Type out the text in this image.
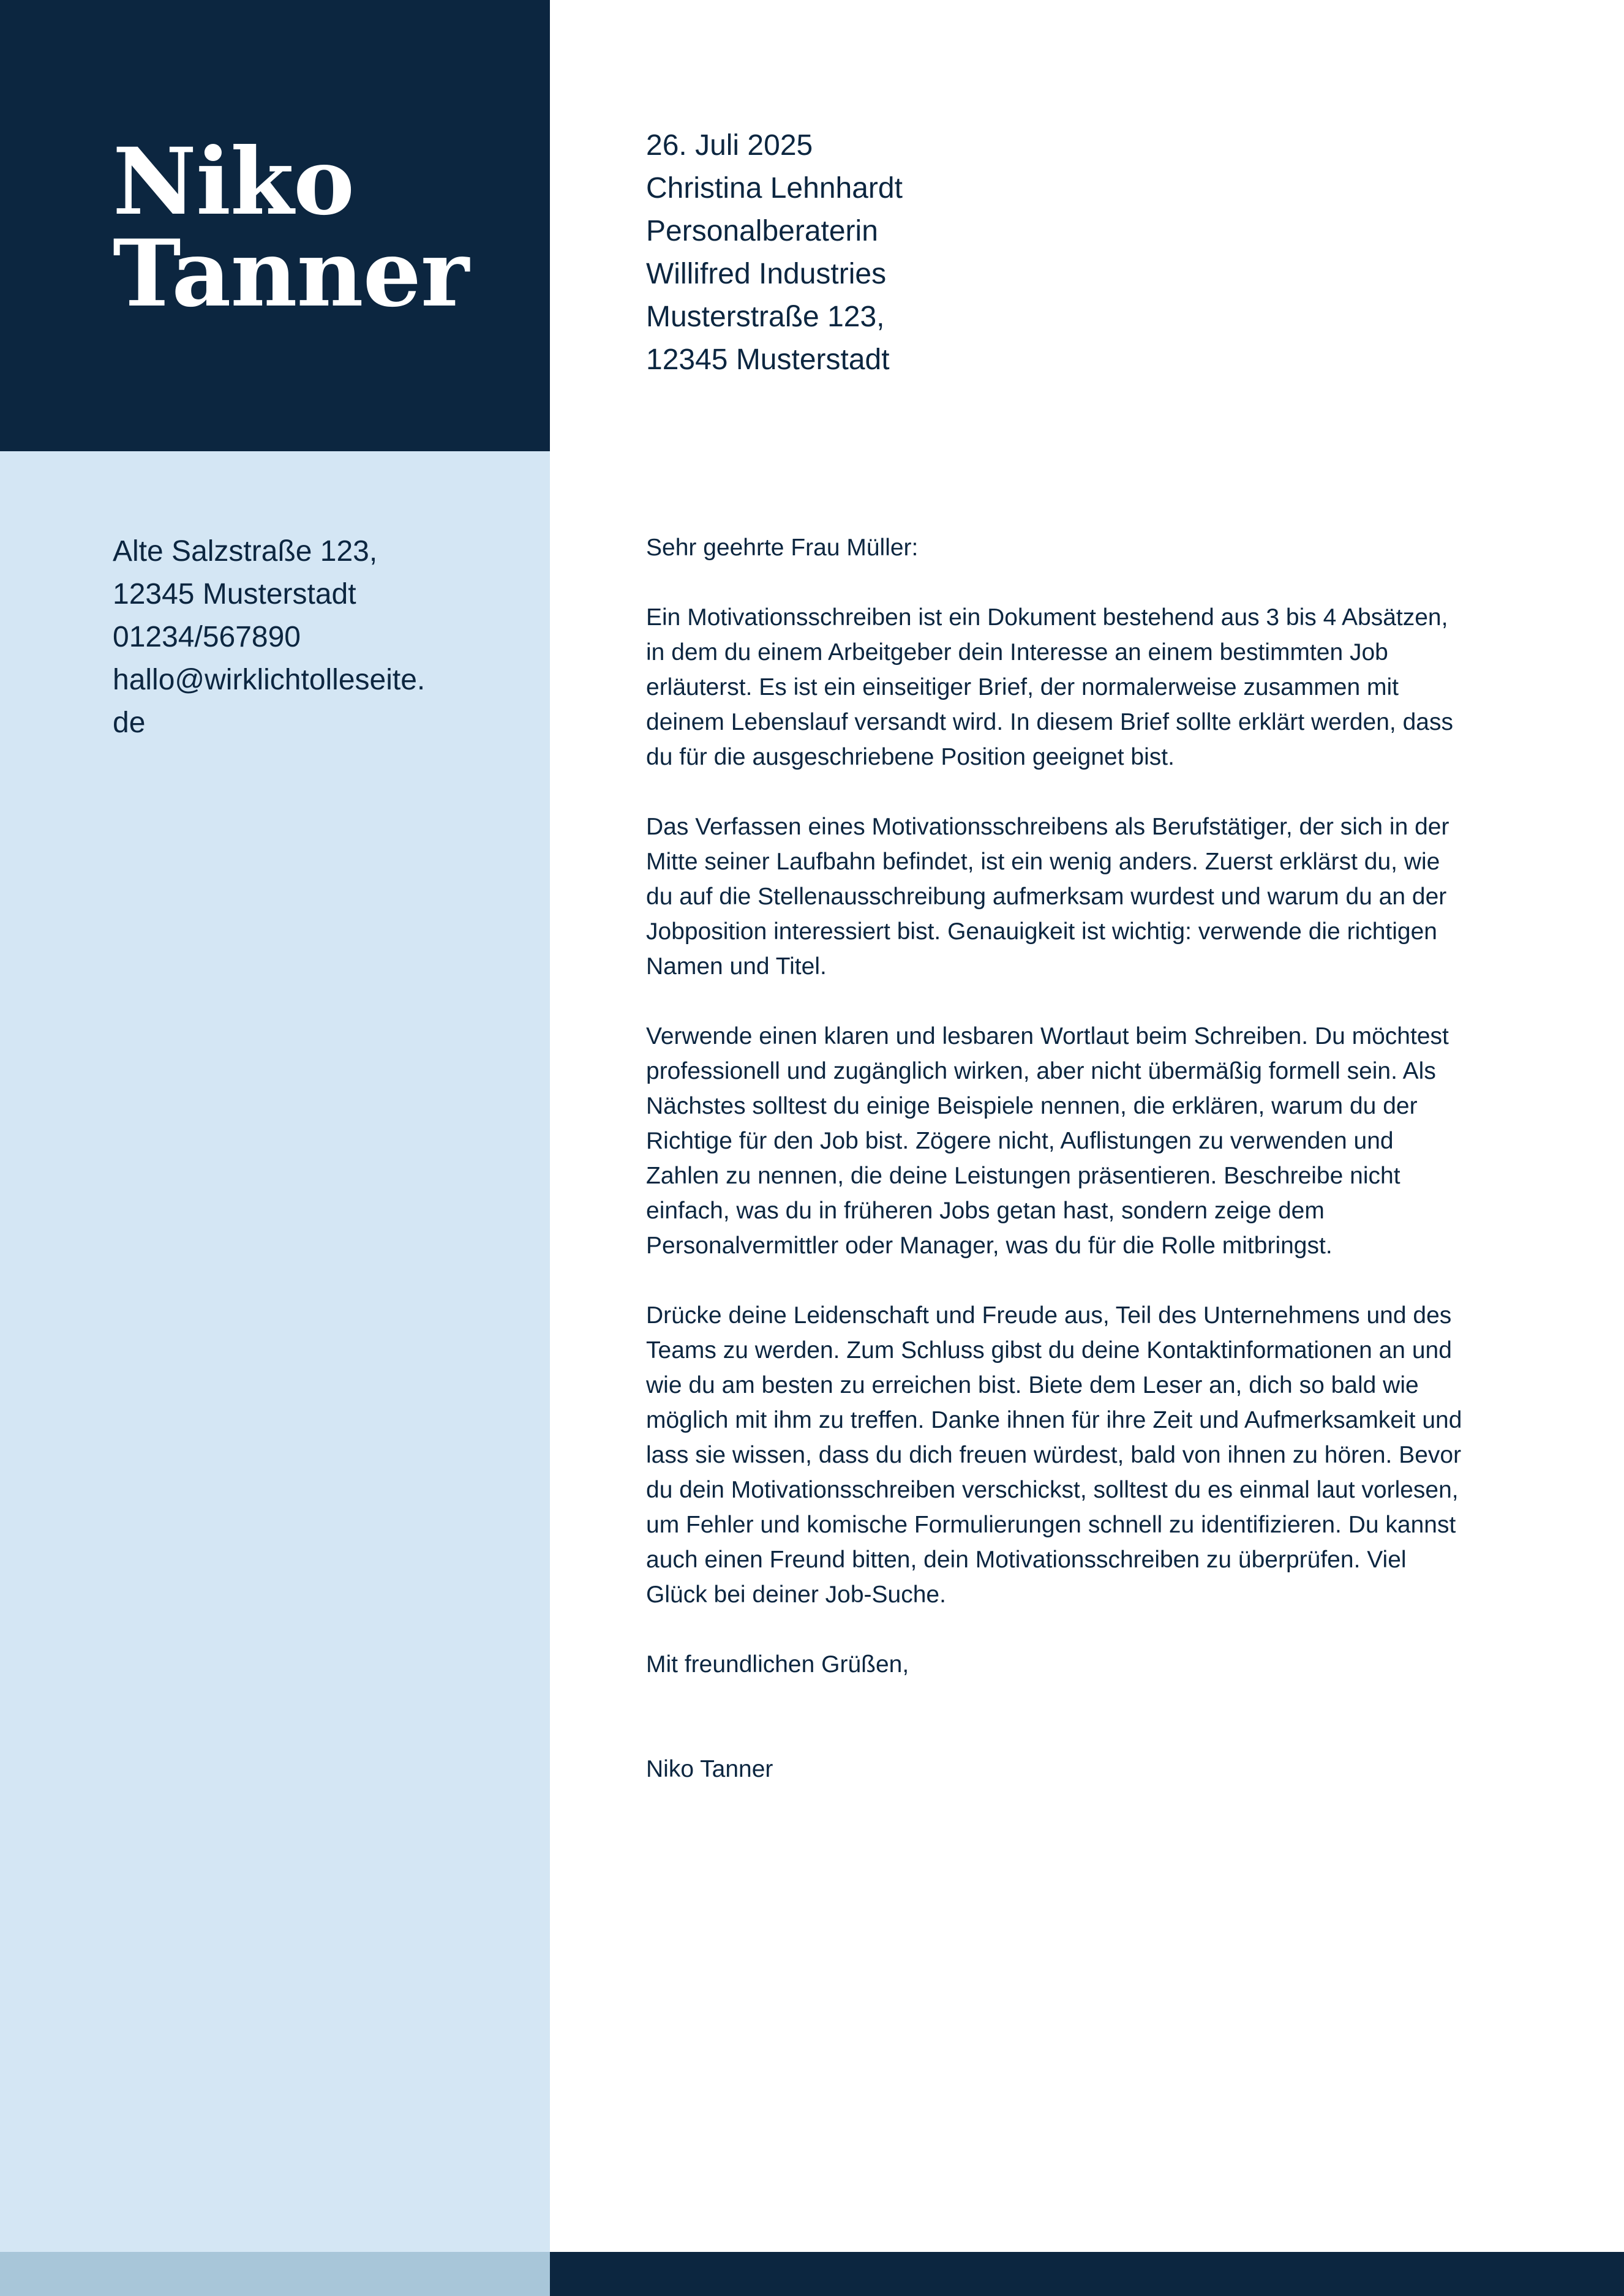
Niko
Tanner
Alte Salzstraße 123,
12345 Musterstadt
01234/567890
hallo@wirklichtolleseite.
de
26. Juli 2025
Christina Lehnhardt
Personalberaterin
Willifred Industries
Musterstraße 123,
12345 Musterstadt

Sehr geehrte Frau Müller:

Ein Motivationsschreiben ist ein Dokument bestehend aus 3 bis 4 Absätzen, in dem du einem Arbeitgeber dein Interesse an einem bestimmten Job erläuterst. Es ist ein einseitiger Brief, der normalerweise zusammen mit deinem Lebenslauf versandt wird. In diesem Brief sollte erklärt werden, dass du für die ausgeschriebene Position geeignet bist.

Das Verfassen eines Motivationsschreibens als Berufstätiger, der sich in der Mitte seiner Laufbahn befindet, ist ein wenig anders. Zuerst erklärst du, wie du auf die Stellenausschreibung aufmerksam wurdest und warum du an der Jobposition interessiert bist. Genauigkeit ist wichtig: verwende die richtigen Namen und Titel.

Verwende einen klaren und lesbaren Wortlaut beim Schreiben. Du möchtest professionell und zugänglich wirken, aber nicht übermäßig formell sein. Als Nächstes solltest du einige Beispiele nennen, die erklären, warum du der Richtige für den Job bist. Zögere nicht, Auflistungen zu verwenden und Zahlen zu nennen, die deine Leistungen präsentieren. Beschreibe nicht einfach, was du in früheren Jobs getan hast, sondern zeige dem Personalvermittler oder Manager, was du für die Rolle mitbringst.

Drücke deine Leidenschaft und Freude aus, Teil des Unternehmens und des Teams zu werden. Zum Schluss gibst du deine Kontaktinformationen an und wie du am besten zu erreichen bist. Biete dem Leser an, dich so bald wie möglich mit ihm zu treffen. Danke ihnen für ihre Zeit und Aufmerksamkeit und lass sie wissen, dass du dich freuen würdest, bald von ihnen zu hören. Bevor du dein Motivationsschreiben verschickst, solltest du es einmal laut vorlesen, um Fehler und komische Formulierungen schnell zu identifizieren. Du kannst auch einen Freund bitten, dein Motivationsschreiben zu überprüfen. Viel Glück bei deiner Job-Suche.

Mit freundlichen Grüßen,

Niko Tanner
